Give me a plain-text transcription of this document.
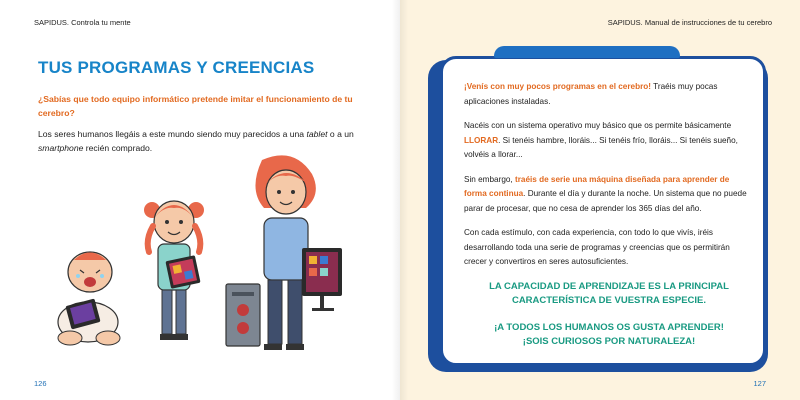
SAPIDUS. Controla tu mente
TUS PROGRAMAS Y CREENCIAS
¿Sabías que todo equipo informático pretende imitar el funcionamiento de tu cerebro?
Los seres humanos llegáis a este mundo siendo muy parecidos a una tablet o a un smartphone recién comprado.
126
SAPIDUS. Manual de instrucciones de tu cerebro
127

¡Venís con muy pocos programas en el cerebro! Traéis muy pocas aplicaciones instaladas.

Nacéis con un sistema operativo muy básico que os permite básicamente LLORAR. Si tenéis hambre, lloráis... Si tenéis frío, lloráis... Si tenéis sueño, volvéis a llorar...

Sin embargo, traéis de serie una máquina diseñada para aprender de forma continua. Durante el día y durante la noche. Un sistema que no puede parar de procesar, que no cesa de aprender los 365 días del año.

Con cada estímulo, con cada experiencia, con todo lo que vivís, iréis desarrollando toda una serie de programas y creencias que os permitirán crecer y convertiros en seres autosuficientes.

LA CAPACIDAD DE APRENDIZAJE ES LA PRINCIPAL CARACTERÍSTICA DE VUESTRA ESPECIE.
¡A TODOS LOS HUMANOS OS GUSTA APRENDER!
¡SOIS CURIOSOS POR NATURALEZA!
